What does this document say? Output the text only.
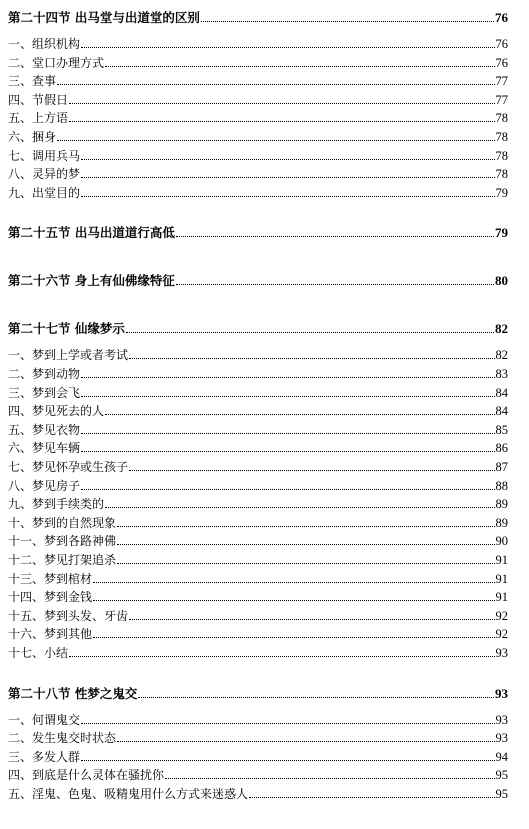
第二十四节 出马堂与出道堂的区别	76
一、组织机构	76
二、堂口办理方式	76
三、查事	77
四、节假日	77
五、上方语	78
六、捆身	78
七、调用兵马	78
八、灵异的梦	78
九、出堂目的	79
第二十五节 出马出道道行高低	79
第二十六节 身上有仙佛缘特征	80
第二十七节 仙缘梦示	82
一、梦到上学或者考试	82
二、梦到动物	83
三、梦到会飞	84
四、梦见死去的人	84
五、梦见衣物	85
六、梦见车辆	86
七、梦见怀孕或生孩子	87
八、梦见房子	88
九、梦到手续类的	89
十、梦到的自然现象	89
十一、梦到各路神佛	90
十二、梦见打架追杀	91
十三、梦到棺材	91
十四、梦到金钱	91
十五、梦到头发、牙齿	92
十六、梦到其他	92
十七、小结	93
第二十八节 性梦之鬼交	93
一、何谓鬼交	93
二、发生鬼交时状态	93
三、多发人群	94
四、到底是什么灵体在骚扰你	95
五、淫鬼、色鬼、吸精鬼用什么方式来迷惑人	95
